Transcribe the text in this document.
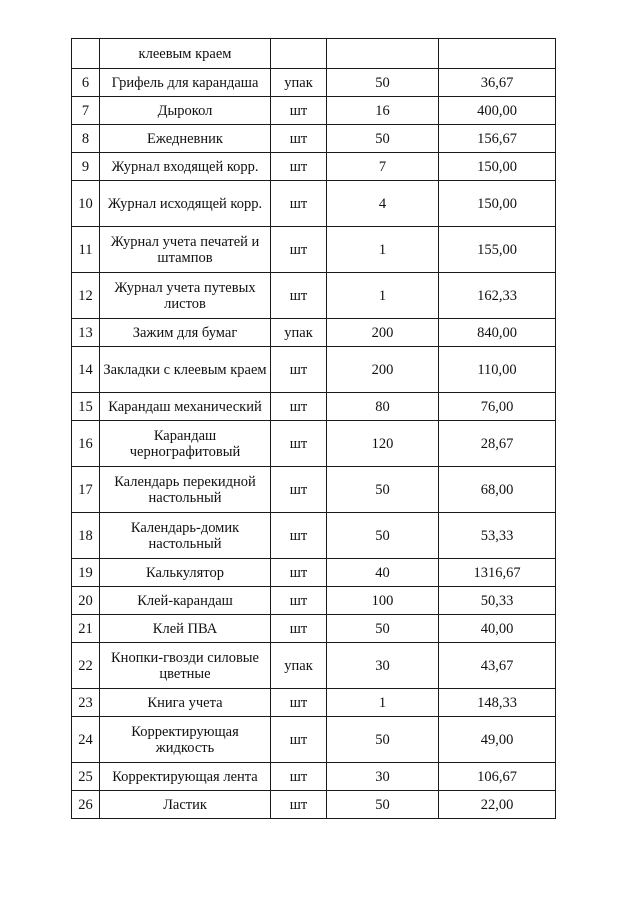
	клеевым краем			
6	Грифель для карандаша	упак	50	36,67
7	Дырокол	шт	16	400,00
8	Ежедневник	шт	50	156,67
9	Журнал входящей корр.	шт	7	150,00
10	Журнал исходящей корр.	шт	4	150,00
11	Журнал учета печатей и штампов	шт	1	155,00
12	Журнал учета путевых листов	шт	1	162,33
13	Зажим для бумаг	упак	200	840,00
14	Закладки с клеевым краем	шт	200	110,00
15	Карандаш механический	шт	80	76,00
16	Карандаш чернографитовый	шт	120	28,67
17	Календарь перекидной настольный	шт	50	68,00
18	Календарь-домик настольный	шт	50	53,33
19	Калькулятор	шт	40	1316,67
20	Клей-карандаш	шт	100	50,33
21	Клей ПВА	шт	50	40,00
22	Кнопки-гвозди силовые цветные	упак	30	43,67
23	Книга учета	шт	1	148,33
24	Корректирующая жидкость	шт	50	49,00
25	Корректирующая лента	шт	30	106,67
26	Ластик	шт	50	22,00
